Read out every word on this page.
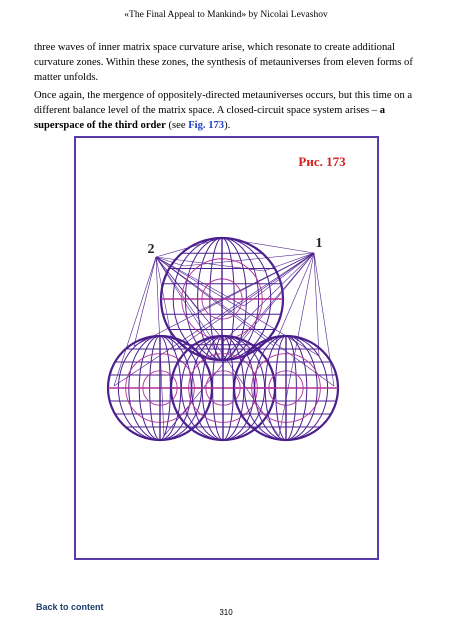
«The Final Appeal to Mankind» by Nicolai Levashov

three waves of inner matrix space curvature arise, which resonate to create additional curvature zones. Within these zones, the synthesis of metauniverses from eleven forms of matter unfolds.

Once again, the mergence of oppositely-directed metauniverses occurs, but this time on a different balance level of the matrix space. A closed-circuit space system arises – a superspace of the third order (see Fig. 173).

Рис. 173
1
2
Back to content
310
